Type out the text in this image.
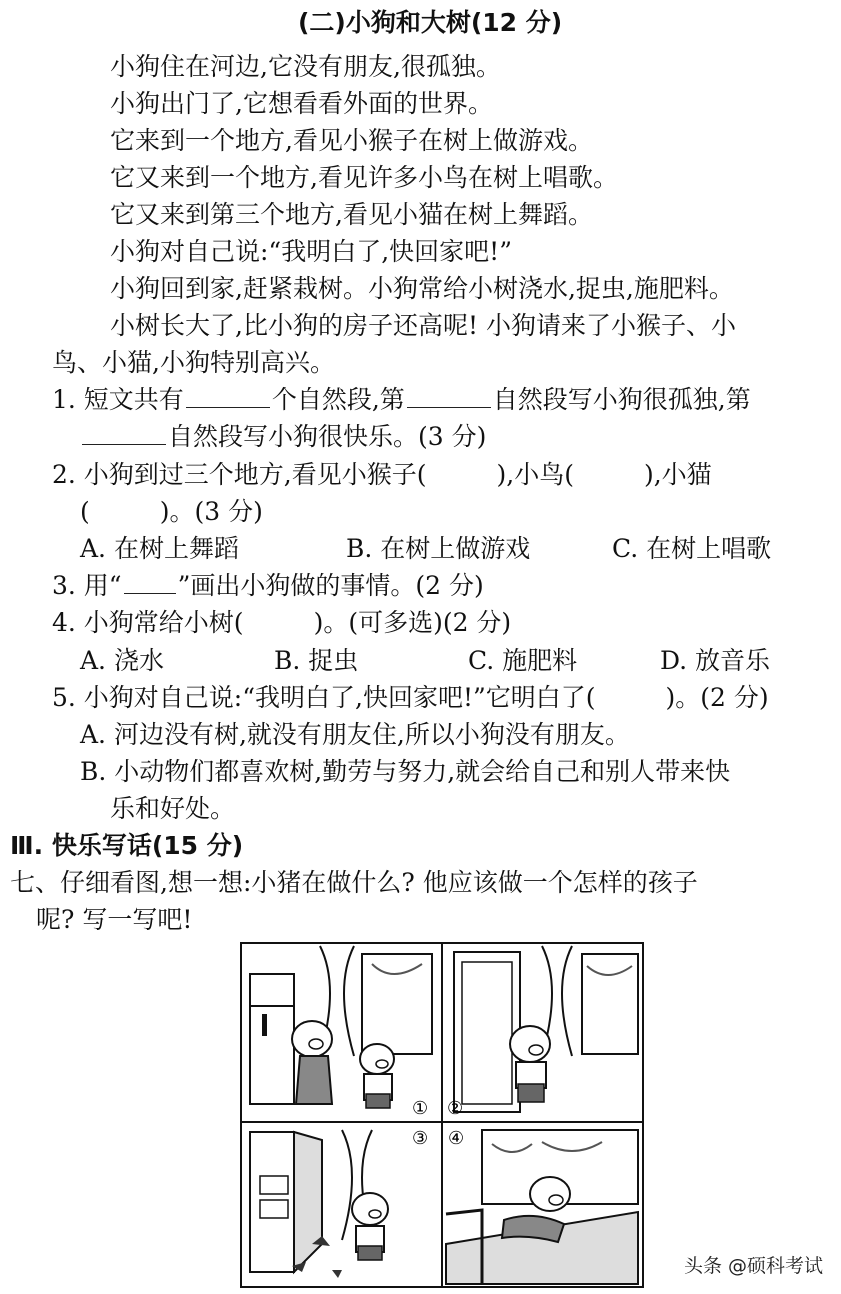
(二)小狗和大树(12 分)
小狗住在河边,它没有朋友,很孤独。
小狗出门了,它想看看外面的世界。
它来到一个地方,看见小猴子在树上做游戏。
它又来到一个地方,看见许多小鸟在树上唱歌。
它又来到第三个地方,看见小猫在树上舞蹈。
小狗对自己说:“我明白了,快回家吧!”
小狗回到家,赶紧栽树。小狗常给小树浇水,捉虫,施肥料。
小树长大了,比小狗的房子还高呢! 小狗请来了小猴子、小
鸟、小猫,小狗特别高兴。
1. 短文共有	个自然段,第	自然段写小狗很孤独,第
自然段写小狗很快乐。(3 分)
2. 小狗到过三个地方,看见小猴子(	),小鸟(	),小猫
(	)。(3 分)
A. 在树上舞蹈	B. 在树上做游戏	C. 在树上唱歌
3. 用“ ”画出小狗做的事情。(2 分)
4. 小狗常给小树(	)。(可多选)(2 分)
A. 浇水	B. 捉虫	C. 施肥料	D. 放音乐
5. 小狗对自己说:“我明白了,快回家吧!”它明白了(	)。(2 分)
A. 河边没有树,就没有朋友住,所以小狗没有朋友。
B. 小动物们都喜欢树,勤劳与努力,就会给自己和别人带来快
乐和好处。
Ⅲ. 快乐写话(15 分)
七、仔细看图,想一想:小猪在做什么? 他应该做一个怎样的孩子
呢? 写一写吧!
① ②
③ ④
头条 @硕科考试
